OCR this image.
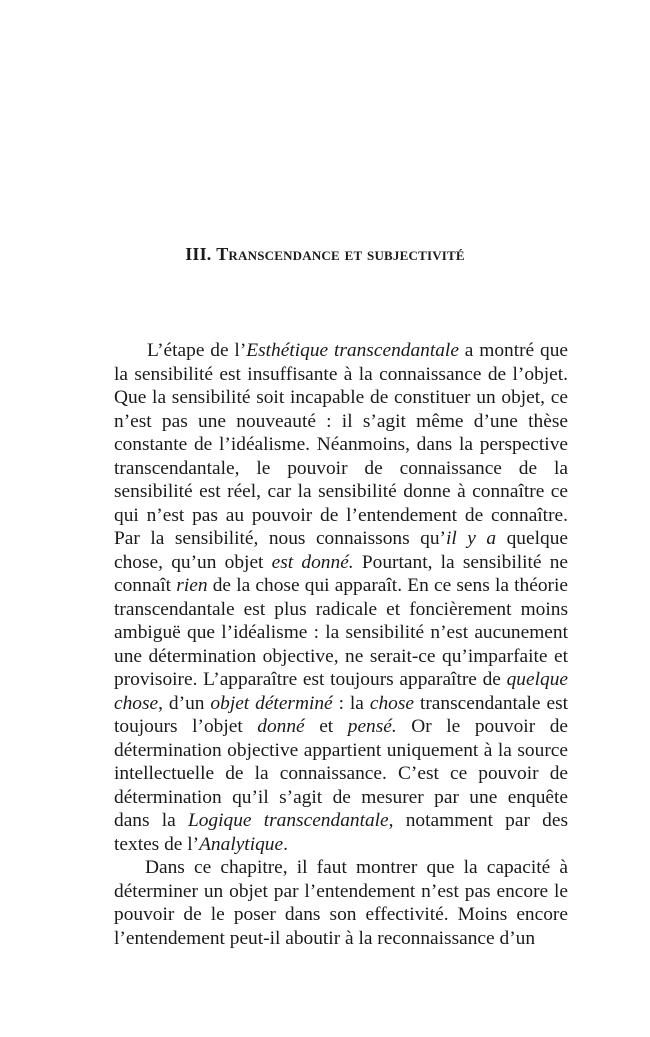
III. Transcendance et subjectivité

L’étape de l’Esthétique transcendantale a montré que la sensibilité est insuffisante à la connaissance de l’objet. Que la sensibilité soit incapable de constituer un objet, ce n’est pas une nouveauté : il s’agit même d’une thèse constante de l’idéalisme. Néanmoins, dans la perspective transcendantale, le pouvoir de connaissance de la sensibilité est réel, car la sensibilité donne à connaître ce qui n’est pas au pouvoir de l’entendement de connaître. Par la sensibilité, nous connaissons qu’il y a quelque chose, qu’un objet est donné. Pourtant, la sensibilité ne connaît rien de la chose qui apparaît. En ce sens la théorie transcendantale est plus radicale et foncièrement moins ambiguë que l’idéalisme : la sensibilité n’est aucunement une détermination objective, ne serait-ce qu’imparfaite et provisoire. L’apparaître est toujours apparaître de quelque chose, d’un objet déterminé : la chose transcendantale est toujours l’objet donné et pensé. Or le pouvoir de détermination objective appartient uniquement à la source intellectuelle de la connaissance. C’est ce pouvoir de détermination qu’il s’agit de mesurer par une enquête dans la Logique transcendantale, notamment par des textes de l’Analytique.

Dans ce chapitre, il faut montrer que la capacité à déterminer un objet par l’entendement n’est pas encore le pouvoir de le poser dans son effectivité. Moins encore l’entendement peut-il aboutir à la reconnaissance d’un
